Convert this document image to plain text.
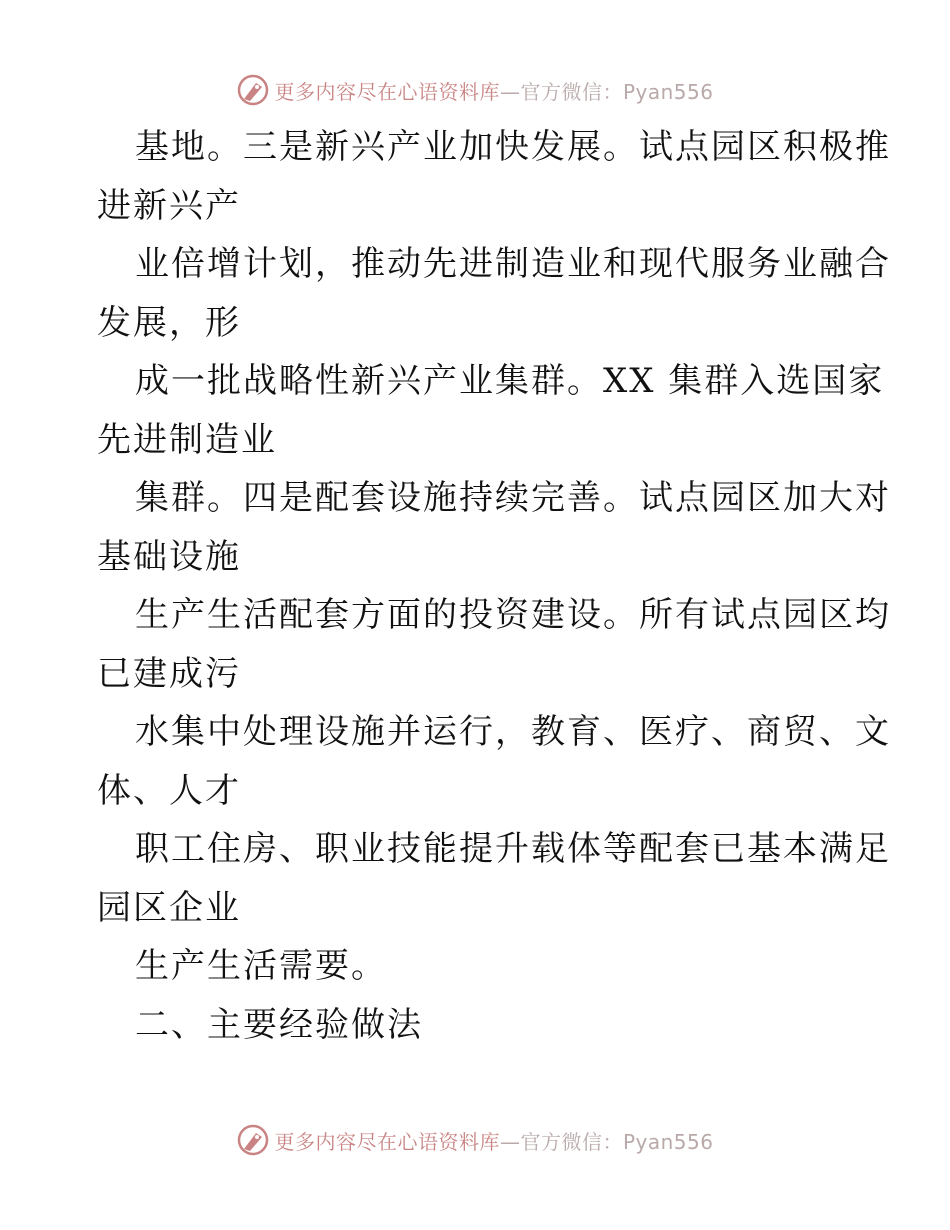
更多内容尽在心语资料库—官方微信：Pyan556
基地。三是新兴产业加快发展。试点园区积极推
进新兴产
业倍增计划，推动先进制造业和现代服务业融合
发展，形
成一批战略性新兴产业集群。XX 集群入选国家
先进制造业
集群。四是配套设施持续完善。试点园区加大对
基础设施
生产生活配套方面的投资建设。所有试点园区均
已建成污
水集中处理设施并运行，教育、医疗、商贸、文
体、人才
职工住房、职业技能提升载体等配套已基本满足
园区企业
生产生活需要。
二、主要经验做法
更多内容尽在心语资料库—官方微信：Pyan556
